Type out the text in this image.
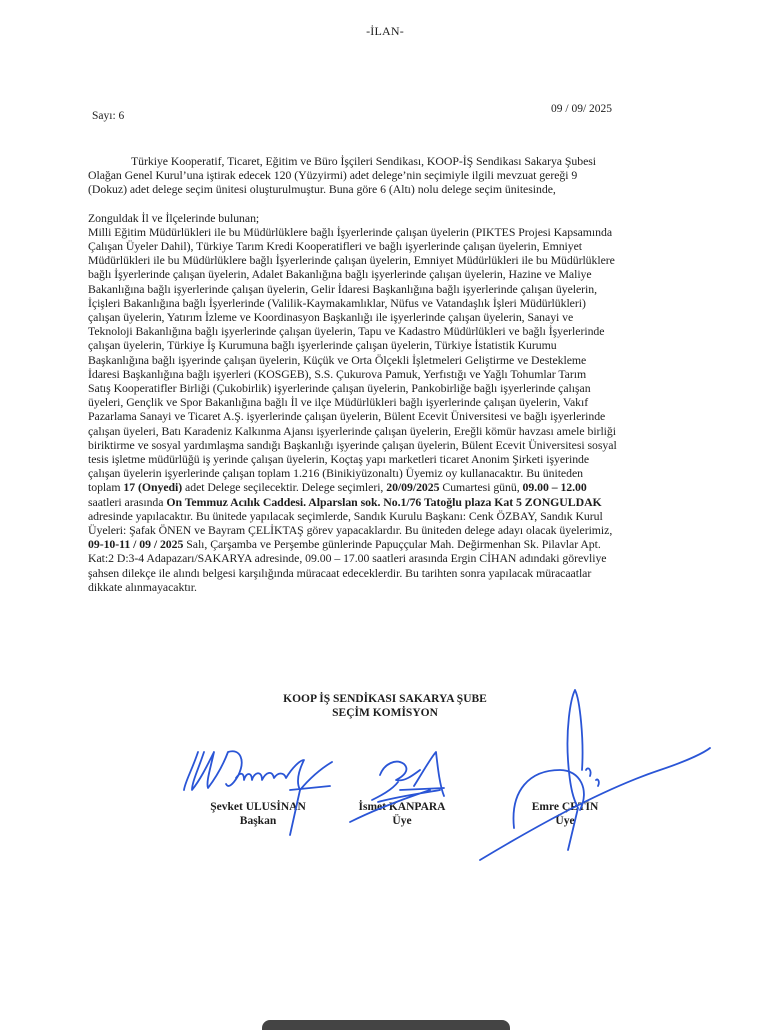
-İLAN-
Sayı: 6
09 / 09/ 2025

Türkiye Kooperatif, Ticaret, Eğitim ve Büro İşçileri Sendikası, KOOP-İŞ Sendikası Sakarya Şubesi
Olağan Genel Kurul’una iştirak edecek 120 (Yüzyirmi) adet delege’nin seçimiyle ilgili mevzuat gereği 9
(Dokuz) adet delege seçim ünitesi oluşturulmuştur. Buna göre 6 (Altı) nolu delege seçim ünitesinde,

Zonguldak İl ve İlçelerinde bulunan;
Milli Eğitim Müdürlükleri ile bu Müdürlüklere bağlı İşyerlerinde çalışan üyelerin (PIKTES Projesi Kapsamında
Çalışan Üyeler Dahil), Türkiye Tarım Kredi Kooperatifleri ve bağlı işyerlerinde çalışan üyelerin, Emniyet
Müdürlükleri ile bu Müdürlüklere bağlı İşyerlerinde çalışan üyelerin, Emniyet Müdürlükleri ile bu Müdürlüklere
bağlı İşyerlerinde çalışan üyelerin, Adalet Bakanlığına bağlı işyerlerinde çalışan üyelerin, Hazine ve Maliye
Bakanlığına bağlı işyerlerinde çalışan üyelerin, Gelir İdaresi Başkanlığına bağlı işyerlerinde çalışan üyelerin,
İçişleri Bakanlığına bağlı İşyerlerinde (Valilik-Kaymakamlıklar, Nüfus ve Vatandaşlık İşleri Müdürlükleri)
çalışan üyelerin, Yatırım İzleme ve Koordinasyon Başkanlığı ile işyerlerinde çalışan üyelerin, Sanayi ve
Teknoloji Bakanlığına bağlı işyerlerinde çalışan üyelerin, Tapu ve Kadastro Müdürlükleri ve bağlı İşyerlerinde
çalışan üyelerin, Türkiye İş Kurumuna bağlı işyerlerinde çalışan üyelerin, Türkiye İstatistik Kurumu
Başkanlığına bağlı işyerinde çalışan üyelerin, Küçük ve Orta Ölçekli İşletmeleri Geliştirme ve Destekleme
İdaresi Başkanlığına bağlı işyerleri (KOSGEB), S.S. Çukurova Pamuk, Yerfıstığı ve Yağlı Tohumlar Tarım
Satış Kooperatifler Birliği (Çukobirlik) işyerlerinde çalışan üyelerin, Pankobirliğe bağlı işyerlerinde çalışan
üyeleri, Gençlik ve Spor Bakanlığına bağlı İl ve ilçe Müdürlükleri bağlı işyerlerinde çalışan üyelerin, Vakıf
Pazarlama Sanayi ve Ticaret A.Ş. işyerlerinde çalışan üyelerin, Bülent Ecevit Üniversitesi ve bağlı işyerlerinde
çalışan üyeleri, Batı Karadeniz Kalkınma Ajansı işyerlerinde çalışan üyelerin, Ereğli kömür havzası amele birliği
biriktirme ve sosyal yardımlaşma sandığı Başkanlığı işyerinde çalışan üyelerin, Bülent Ecevit Üniversitesi sosyal
tesis işletme müdürlüğü iş yerinde çalışan üyelerin, Koçtaş yapı marketleri ticaret Anonim Şirketi işyerinde
çalışan üyelerin işyerlerinde çalışan toplam 1.216 (Binikiyüzonaltı) Üyemiz oy kullanacaktır. Bu üniteden
toplam 17 (Onyedi) adet Delege seçilecektir. Delege seçimleri, 20/09/2025 Cumartesi günü, 09.00 – 12.00
saatleri arasında On Temmuz Acılık Caddesi. Alparslan sok. No.1/76 Tatoğlu plaza Kat 5 ZONGULDAK
adresinde yapılacaktır. Bu ünitede yapılacak seçimlerde, Sandık Kurulu Başkanı: Cenk ÖZBAY, Sandık Kurul
Üyeleri: Şafak ÖNEN ve Bayram ÇELİKTAŞ görev yapacaklardır. Bu üniteden delege adayı olacak üyelerimiz,
09-10-11 / 09 / 2025 Salı, Çarşamba ve Perşembe günlerinde Papuççular Mah. Değirmenhan Sk. Pilavlar Apt.
Kat:2 D:3-4 Adapazarı/SAKARYA adresinde, 09.00 – 17.00 saatleri arasında Ergin CİHAN adındaki görevliye
şahsen dilekçe ile alındı belgesi karşılığında müracaat edeceklerdir. Bu tarihten sonra yapılacak müracaatlar
dikkate alınmayacaktır.

KOOP İŞ SENDİKASI SAKARYA ŞUBE
SEÇİM KOMİSYON
Şevket ULUSİNAN
Başkan
İsmet KANPARA
Üye
Emre ÇETİN
Üye
